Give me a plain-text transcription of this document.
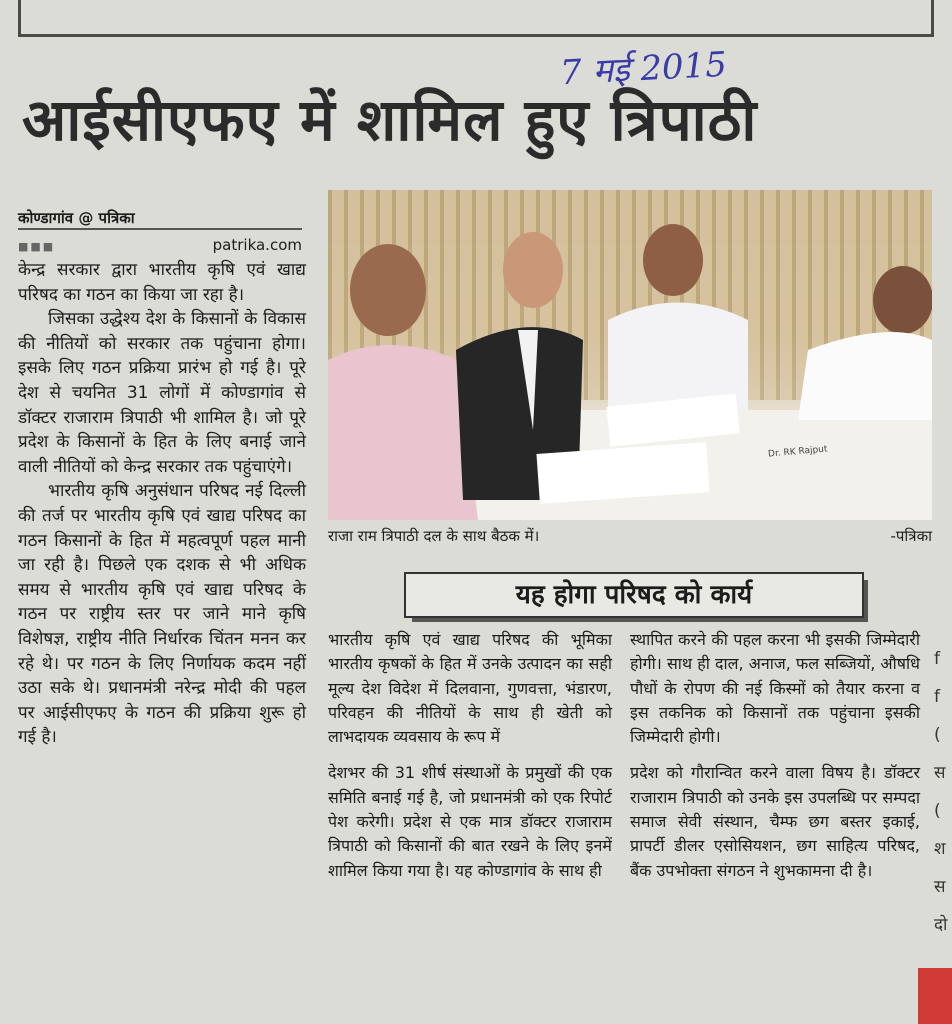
7 मई 2015
आईसीएफए में शामिल हुए त्रिपाठी
कोण्डागांव @ पत्रिका
■■■	patrika.com

केन्द्र सरकार द्वारा भारतीय कृषि एवं खाद्य परिषद का गठन का किया जा रहा है।

जिसका उद्धेश्य देश के किसानों के विकास की नीतियों को सरकार तक पहुंचाना होगा। इसके लिए गठन प्रक्रिया प्रारंभ हो गई है। पूरे देश से चयनित 31 लोगों में कोण्डागांव से डॉक्टर राजाराम त्रिपाठी भी शामिल है। जो पूरे प्रदेश के किसानों के हित के लिए बनाई जाने वाली नीतियों को केन्द्र सरकार तक पहुंचाएंगे।

भारतीय कृषि अनुसंधान परिषद नई दिल्ली की तर्ज पर भारतीय कृषि एवं खाद्य परिषद का गठन किसानों के हित में महत्वपूर्ण पहल मानी जा रही है। पिछले एक दशक से भी अधिक समय से भारतीय कृषि एवं खाद्य परिषद के गठन पर राष्ट्रीय स्तर पर जाने माने कृषि विशेषज्ञ, राष्ट्रीय नीति निर्धारक चिंतन मनन कर रहे थे। पर गठन के लिए निर्णायक कदम नहीं उठा सके थे। प्रधानमंत्री नरेन्द्र मोदी की पहल पर आईसीएफए के गठन की प्रक्रिया शुरू हो गई है।

Dr. RK Rajput
राजा राम त्रिपाठी दल के साथ बैठक में।	-पत्रिका
यह होगा परिषद को कार्य

भारतीय कृषि एवं खाद्य परिषद की भूमिका भारतीय कृषकों के हित में उनके उत्पादन का सही मूल्य देश विदेश में दिलवाना, गुणवत्ता, भंडारण, परिवहन की नीतियों के साथ ही खेती को लाभदायक व्यवसाय के रूप में

देशभर की 31 शीर्ष संस्थाओं के प्रमुखों की एक समिति बनाई गई है, जो प्रधानमंत्री को एक रिपोर्ट पेश करेगी। प्रदेश से एक मात्र डॉक्टर राजाराम त्रिपाठी को किसानों की बात रखने के लिए इनमें शामिल किया गया है। यह कोण्डागांव के साथ ही

स्थापित करने की पहल करना भी इसकी जिम्मेदारी होगी। साथ ही दाल, अनाज, फल सब्जियों, औषधि पौधों के रोपण की नई किस्मों को तैयार करना व इस तकनिक को किसानों तक पहुंचाना इसकी जिम्मेदारी होगी।

प्रदेश को गौरान्वित करने वाला विषय है। डॉक्टर राजाराम त्रिपाठी को उनके इस उपलब्धि पर सम्पदा समाज सेवी संस्थान, चैम्फ छग बस्तर इकाई, प्रापर्टी डीलर एसोसियशन, छग साहित्य परिषद, बैंक उपभोक्ता संगठन ने शुभकामना दी है।

f
f
(
स
(
श
स
दो
